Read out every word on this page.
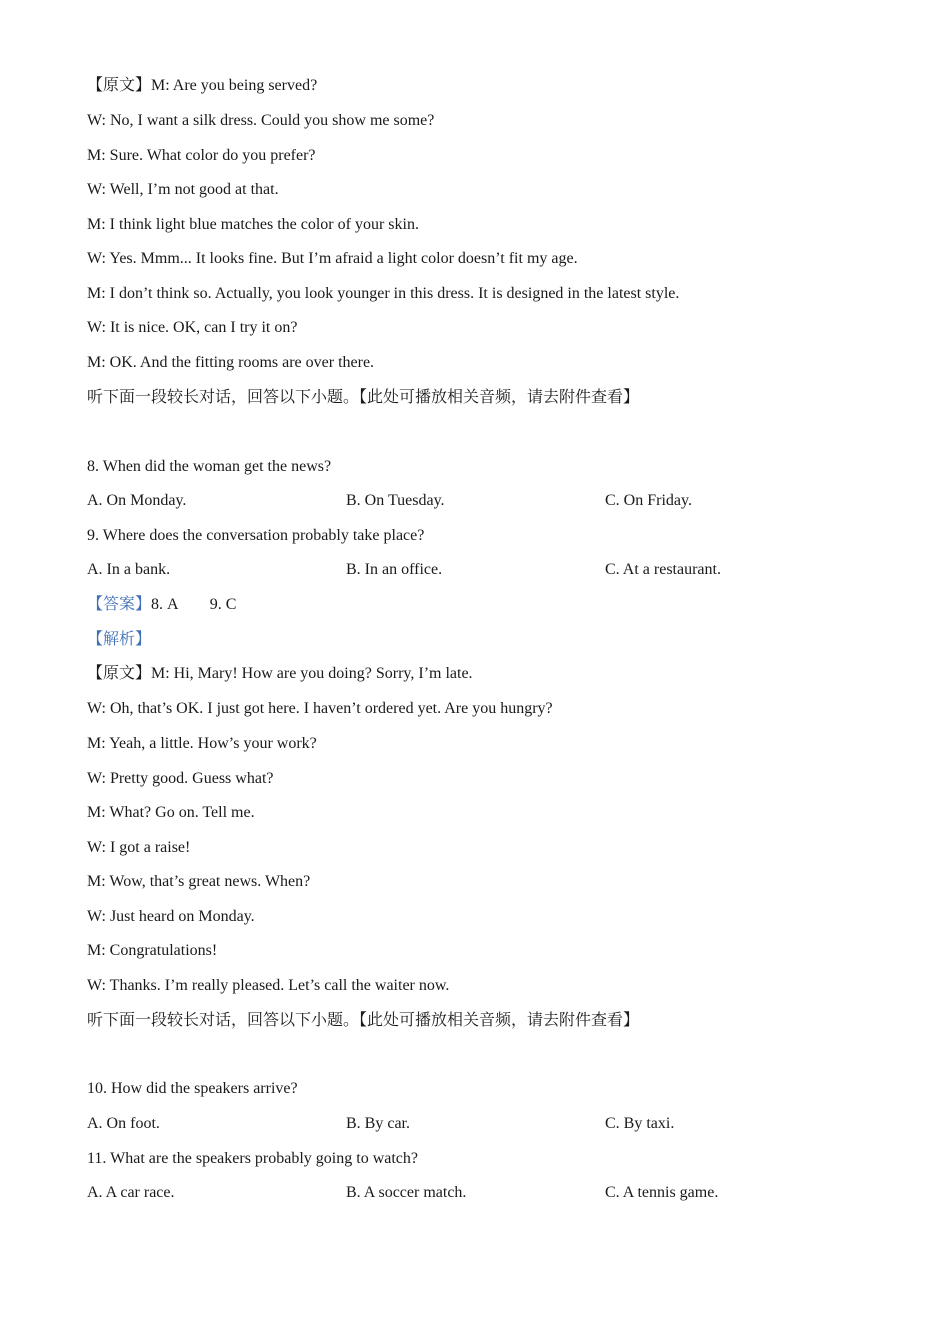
【原文】M: Are you being served?
W: No, I want a silk dress. Could you show me some?
M: Sure. What color do you prefer?
W: Well, I’m not good at that.
M: I think light blue matches the color of your skin.
W: Yes. Mmm... It looks fine. But I’m afraid a light color doesn’t fit my age.
M: I don’t think so. Actually, you look younger in this dress. It is designed in the latest style.
W: It is nice. OK, can I try it on?
M: OK. And the fitting rooms are over there.
听下面一段较长对话，回答以下小题。【此处可播放相关音频，请去附件查看】
8. When did the woman get the news?
A. On Monday.	B. On Tuesday.	C. On Friday.
9. Where does the conversation probably take place?
A. In a bank.	B. In an office.	C. At a restaurant.
【答案】8. A        9. C
【解析】
【原文】M: Hi, Mary! How are you doing? Sorry, I’m late.
W: Oh, that’s OK. I just got here. I haven’t ordered yet. Are you hungry?
M: Yeah, a little. How’s your work?
W: Pretty good. Guess what?
M: What? Go on. Tell me.
W: I got a raise!
M: Wow, that’s great news. When?
W: Just heard on Monday.
M: Congratulations!
W: Thanks. I’m really pleased. Let’s call the waiter now.
听下面一段较长对话，回答以下小题。【此处可播放相关音频，请去附件查看】
10. How did the speakers arrive?
A. On foot.	B. By car.	C. By taxi.
11. What are the speakers probably going to watch?
A. A car race.	B. A soccer match.	C. A tennis game.
